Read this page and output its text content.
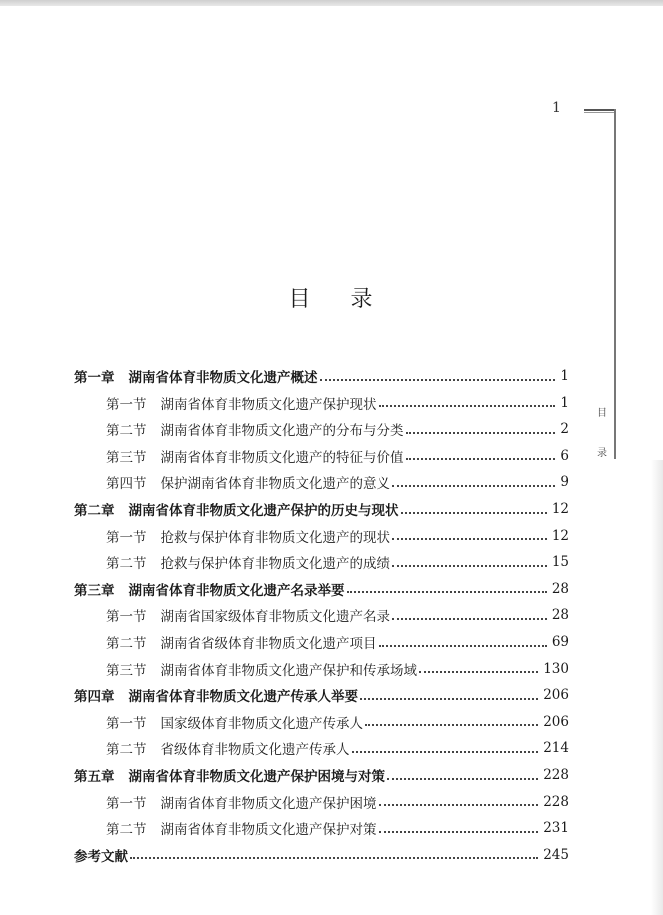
1
目
录
目 录
第一章 湖南省体育非物质文化遗产概述	1
第一节 湖南省体育非物质文化遗产保护现状	1
第二节 湖南省体育非物质文化遗产的分布与分类	2
第三节 湖南省体育非物质文化遗产的特征与价值	6
第四节 保护湖南省体育非物质文化遗产的意义	9
第二章 湖南省体育非物质文化遗产保护的历史与现状	12
第一节 抢救与保护体育非物质文化遗产的现状	12
第二节 抢救与保护体育非物质文化遗产的成绩	15
第三章 湖南省体育非物质文化遗产名录举要	28
第一节 湖南省国家级体育非物质文化遗产名录	28
第二节 湖南省省级体育非物质文化遗产项目	69
第三节 湖南省体育非物质文化遗产保护和传承场域	130
第四章 湖南省体育非物质文化遗产传承人举要	206
第一节 国家级体育非物质文化遗产传承人	206
第二节 省级体育非物质文化遗产传承人	214
第五章 湖南省体育非物质文化遗产保护困境与对策	228
第一节 湖南省体育非物质文化遗产保护困境	228
第二节 湖南省体育非物质文化遗产保护对策	231
参考文献	245
